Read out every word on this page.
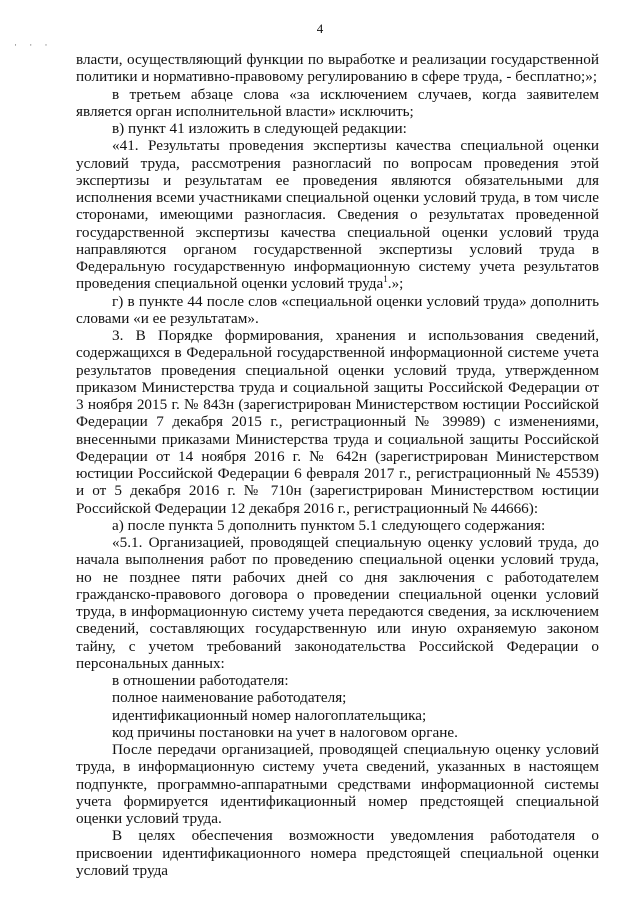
4
· · ·

власти, осуществляющий функции по выработке и реализации государственной политики и нормативно-правовому регулированию в сфере труда, - бесплатно;»;

в третьем абзаце слова «за исключением случаев, когда заявителем является орган исполнительной власти» исключить;

в) пункт 41 изложить в следующей редакции:

«41. Результаты проведения экспертизы качества специальной оценки условий труда, рассмотрения разногласий по вопросам проведения этой экспертизы и результатам ее проведения являются обязательными для исполнения всеми участниками специальной оценки условий труда, в том числе сторонами, имеющими разногласия. Сведения о результатах проведенной государственной экспертизы качества специальной оценки условий труда направляются органом государственной экспертизы условий труда в Федеральную государственную информационную систему учета результатов проведения специальной оценки условий труда$^1$.»;

г) в пункте 44 после слов «специальной оценки условий труда» дополнить словами «и ее результатам».

3. В Порядке формирования, хранения и использования сведений, содержащихся в Федеральной государственной информационной системе учета результатов проведения специальной оценки условий труда, утвержденном приказом Министерства труда и социальной защиты Российской Федерации от 3 ноября 2015 г. № 843н (зарегистрирован Министерством юстиции Российской Федерации 7 декабря 2015 г., регистрационный № 39989) с изменениями, внесенными приказами Министерства труда и социальной защиты Российской Федерации от 14 ноября 2016 г. № 642н (зарегистрирован Министерством юстиции Российской Федерации 6 февраля 2017 г., регистрационный № 45539) и от 5 декабря 2016 г. № 710н (зарегистрирован Министерством юстиции Российской Федерации 12 декабря 2016 г., регистрационный № 44666):

а) после пункта 5 дополнить пунктом 5.1 следующего содержания:

«5.1. Организацией, проводящей специальную оценку условий труда, до начала выполнения работ по проведению специальной оценки условий труда, но не позднее пяти рабочих дней со дня заключения с работодателем гражданско-правового договора о проведении специальной оценки условий труда, в информационную систему учета передаются сведения, за исключением сведений, составляющих государственную или иную охраняемую законом тайну, с учетом требований законодательства Российской Федерации о персональных данных:

в отношении работодателя:

полное наименование работодателя;

идентификационный номер налогоплательщика;

код причины постановки на учет в налоговом органе.

После передачи организацией, проводящей специальную оценку условий труда, в информационную систему учета сведений, указанных в настоящем подпункте, программно-аппаратными средствами информационной системы учета формируется идентификационный номер предстоящей специальной оценки условий труда.

В целях обеспечения возможности уведомления работодателя о присвоении идентификационного номера предстоящей специальной оценки условий труда
